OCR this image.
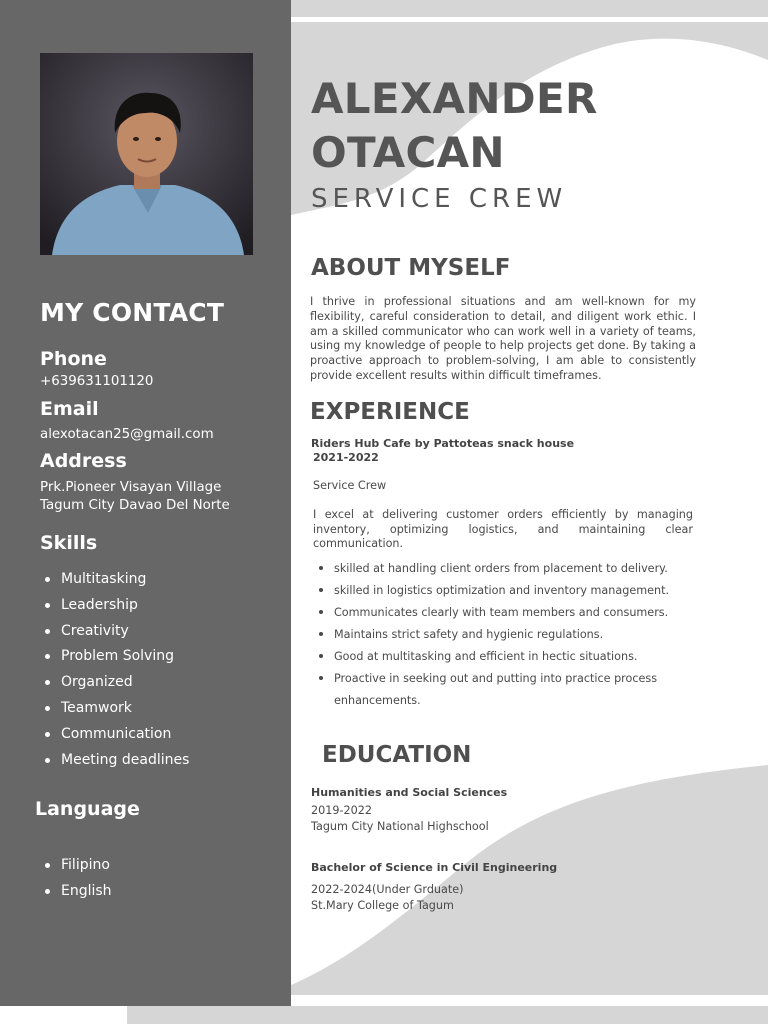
MY CONTACT
Phone
+639631101120
Email
alexotacan25@gmail.com
Address
Prk.Pioneer Visayan Village
Tagum City Davao Del Norte
Skills
Multitasking
Leadership
Creativity
Problem Solving
Organized
Teamwork
Communication
Meeting deadlines
Language
Filipino
English
ALEXANDER
OTACAN
SERVICE CREW
ABOUT MYSELF
I thrive in professional situations and am well-known for my flexibility, careful consideration to detail, and diligent work ethic. I am a skilled communicator who can work well in a variety of teams, using my knowledge of people to help projects get done. By taking a proactive approach to problem-solving, I am able to consistently provide excellent results within difficult timeframes.
EXPERIENCE
Riders Hub Cafe by Pattoteas snack house
2021-2022
Service Crew
I excel at delivering customer orders efficiently by managing inventory, optimizing logistics, and maintaining clear communication.
skilled at handling client orders from placement to delivery.
skilled in logistics optimization and inventory management.
Communicates clearly with team members and consumers.
Maintains strict safety and hygienic regulations.
Good at multitasking and efficient in hectic situations.
Proactive in seeking out and putting into practice process enhancements.
EDUCATION
Humanities and Social Sciences
2019-2022
Tagum City National Highschool
Bachelor of Science in Civil Engineering
2022-2024(Under Grduate)
St.Mary College of Tagum
